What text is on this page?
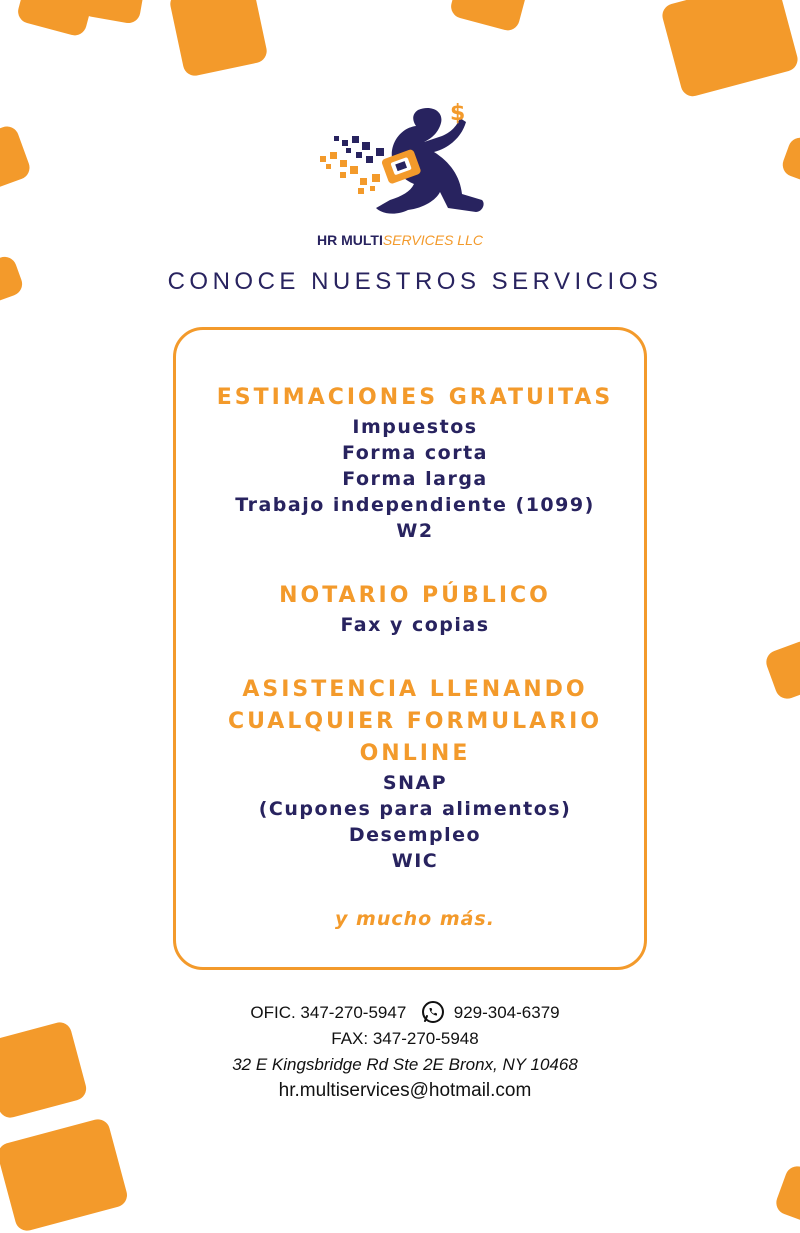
$
HR MULTISERVICES LLC
CONOCE NUESTROS SERVICIOS
ESTIMACIONES GRATUITAS
Impuestos
Forma corta
Forma larga
Trabajo independiente (1099)
W2
NOTARIO PÚBLICO
Fax y copias
ASISTENCIA LLENANDO
CUALQUIER FORMULARIO
ONLINE
SNAP
(Cupones para alimentos)
Desempleo
WIC
y mucho más.
OFIC. 347-270-5947	929-304-6379
FAX: 347-270-5948
32 E Kingsbridge Rd Ste 2E Bronx, NY 10468
hr.multiservices@hotmail.com
